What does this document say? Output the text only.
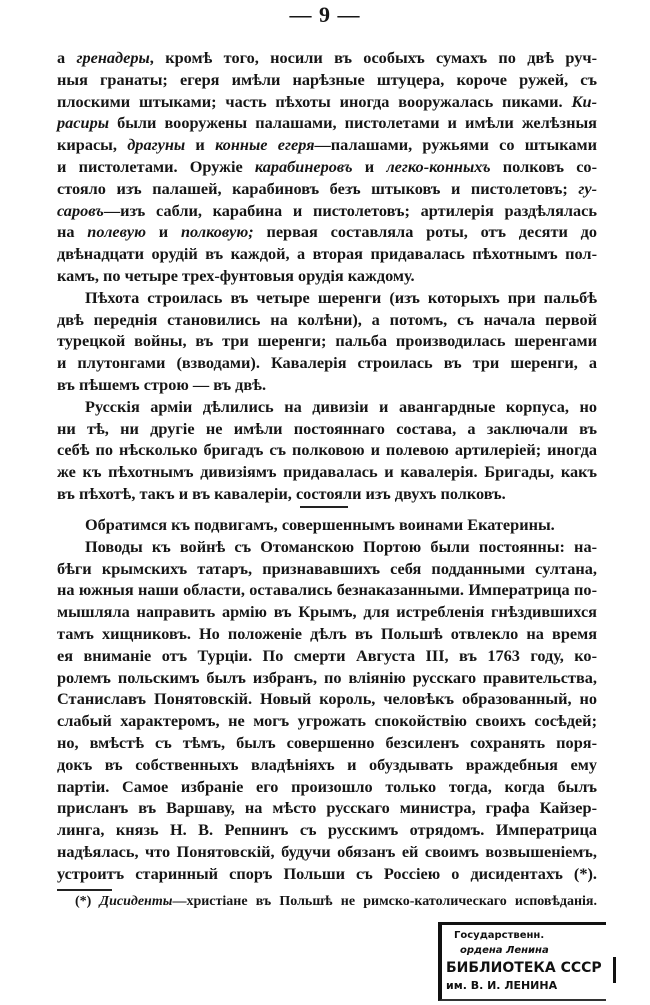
— 9 —
а гренадеры, кромѣ того, носили въ особыхъ сумахъ по двѣ руч-
ныя гранаты; егеря имѣли нарѣзные штуцера, короче ружей, съ
плоскими штыками; часть пѣхоты иногда вооружалась пиками. Ки-
расиры были вооружены палашами, пистолетами и имѣли желѣзныя
кирасы, драгуны и конные егеря—палашами, ружьями со штыками
и пистолетами. Оружіе карабинеровъ и легко-конныхъ полковъ со-
стояло изъ палашей, карабиновъ безъ штыковъ и пистолетовъ; гу-
саровъ—изъ сабли, карабина и пистолетовъ; артилерія раздѣлялась
на полевую и полковую; первая составляла роты, отъ десяти до
двѣнадцати орудій въ каждой, а вторая придавалась пѣхотнымъ пол-
камъ, по четыре трех-фунтовыя орудія каждому.
Пѣхота строилась въ четыре шеренги (изъ которыхъ при пальбѣ
двѣ переднія становились на колѣни), а потомъ, съ начала первой
турецкой войны, въ три шеренги; пальба производилась шеренгами
и плутонгами (взводами). Кавалерія строилась въ три шеренги, а
въ пѣшемъ строю — въ двѣ.
Русскія арміи дѣлились на дивизіи и авангардные корпуса, но
ни тѣ, ни другіе не имѣли постояннаго состава, а заключали въ
себѣ по нѣсколько бригадъ съ полковою и полевою артилеріей; иногда
же къ пѣхотнымъ дивизіямъ придавалась и кавалерія. Бригады, какъ
въ пѣхотѣ, такъ и въ кавалеріи, состояли изъ двухъ полковъ.
Обратимся къ подвигамъ, совершеннымъ воинами Екатерины.
Поводы къ войнѣ съ Отоманскою Портою были постоянны: на-
бѣги крымскихъ татаръ, признававшихъ себя подданными султана,
на южныя наши области, оставались безнаказанными. Императрица по-
мышляла направить армію въ Крымъ, для истребленія гнѣздившихся
тамъ хищниковъ. Но положеніе дѣлъ въ Польшѣ отвлекло на время
ея вниманіе отъ Турціи. По смерти Августа III, въ 1763 году, ко-
ролемъ польскимъ былъ избранъ, по вліянію русскаго правительства,
Станиславъ Понятовскій. Новый король, человѣкъ образованный, но
слабый характеромъ, не могъ угрожать спокойствію своихъ сосѣдей;
но, вмѣстѣ съ тѣмъ, былъ совершенно безсиленъ сохранять поря-
докъ въ собственныхъ владѣніяхъ и обуздывать враждебныя ему
партіи. Самое избраніе его произошло только тогда, когда былъ
присланъ въ Варшаву, на мѣсто русскаго министра, графа Кайзер-
линга, князь Н. В. Репнинъ съ русскимъ отрядомъ. Императрица
надѣялась, что Понятовскій, будучи обязанъ ей своимъ возвышеніемъ,
устроитъ старинный споръ Польши съ Россіею о дисидентахъ (*).
(*) Дисиденты—христіане въ Польшѣ не римско-католическаго исповѣданія.
Государственн.
ордена Ленина
БИБЛИОТЕКА СССР
им. В. И. ЛЕНИНА
